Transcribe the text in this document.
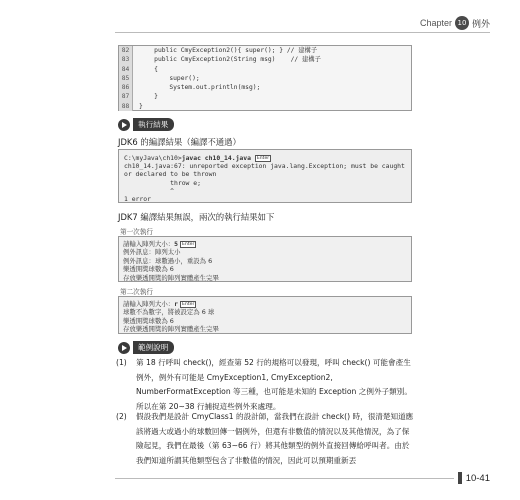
Chapter 10 例外
82	public CmyException2(){ super(); } // 建構子
83	public CmyException2(String msg)    // 建構子
84	{
85	super();
86	System.out.println(msg);
87	}
88	}
執行結果
JDK6 的編譯結果（編譯不通過）
C:\myJava\ch10>javac ch10_14.java Enter
ch10_14.java:67: unreported exception java.lang.Exception; must be caught
or declared to be thrown
throw e;
^
1 error
JDK7 編譯結果無誤，兩次的執行結果如下
第一次執行
請輸入陣列大小：5 Enter
例外訊息：陣列太小
例外訊息：球數過小，重設為 6
樂透開獎球數為 6
存放樂透開獎的陣列實體產生完畢
第二次執行
請輸入陣列大小：r Enter
球數不為數字，將被設定為 6 球
樂透開獎球數為 6
存放樂透開獎的陣列實體產生完畢
範例說明
(1)	第 18 行呼叫 check()，經查第 52 行的規格可以發現，呼叫 check() 可能會產生例外，例外有可能是 CmyException1, CmyException2, NumberFormatException 等三種，也可能是未知的 Exception 之例外子類別。所以在第 20~38 行捕捉這些例外來處理。
(2)	假設我們是設計 CmyClass1 的設計師，當我們在設計 check() 時，很清楚知道應該將過大或過小的球數回傳一個例外，但還有非數值的情況以及其他情況，為了保險起見，我們在最後（第 63~66 行）將其他類型的例外直接回傳給呼叫者。由於我們知道所謂其他類型包含了非數值的情況，因此可以預期重新丟
10-41
